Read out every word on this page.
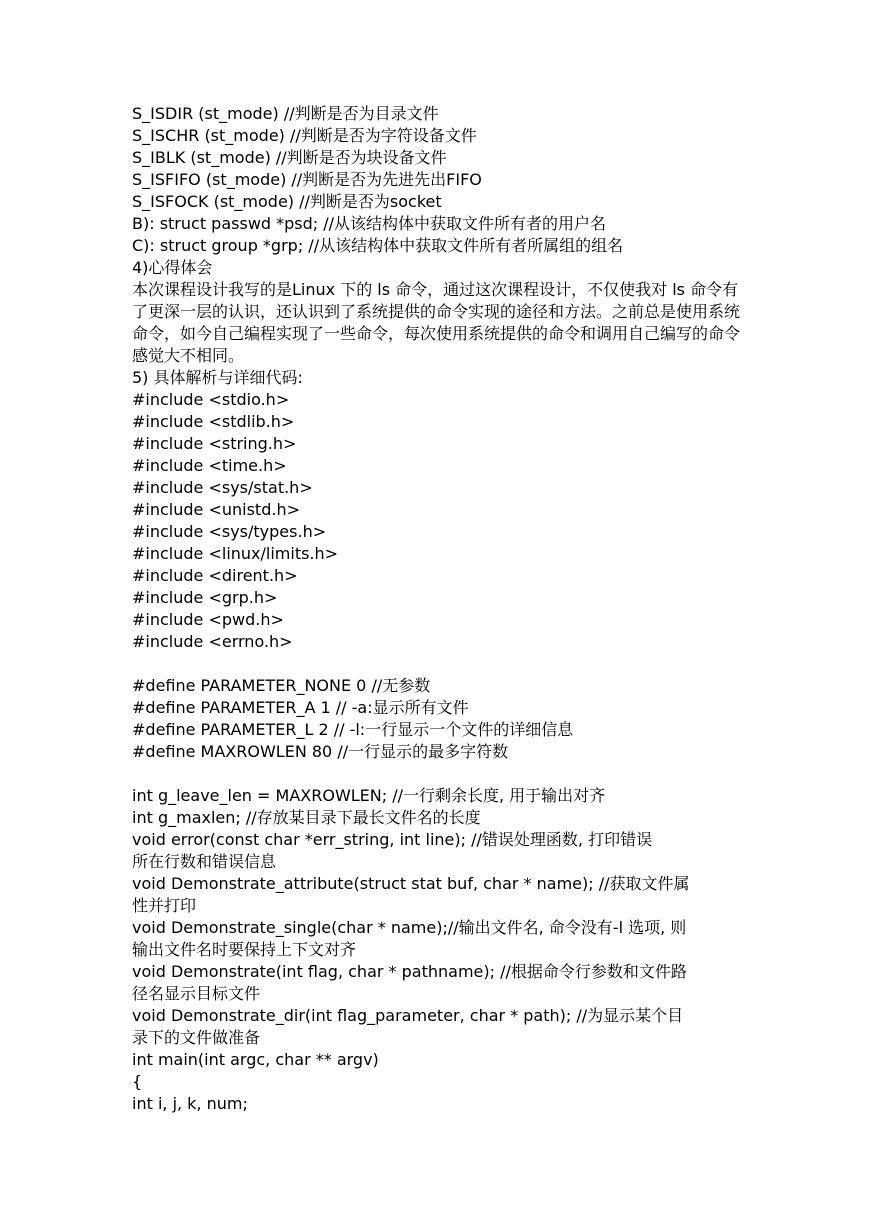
S_ISDIR (st_mode) //判断是否为目录文件
S_ISCHR (st_mode) //判断是否为字符设备文件
S_IBLK (st_mode) //判断是否为块设备文件
S_ISFIFO (st_mode) //判断是否为先进先出FIFO
S_ISFOCK (st_mode) //判断是否为socket
B): struct passwd *psd; //从该结构体中获取文件所有者的用户名
C): struct group *grp; //从该结构体中获取文件所有者所属组的组名
4)心得体会
本次课程设计我写的是Linux 下的 ls 命令，通过这次课程设计，不仅使我对 ls 命令有了更深一层的认识，还认识到了系统提供的命令实现的途径和方法。之前总是使用系统命令，如今自己编程实现了一些命令，每次使用系统提供的命令和调用自己编写的命令感觉大不相同。
5) 具体解析与详细代码:
#include <stdio.h>
#include <stdlib.h>
#include <string.h>
#include <time.h>
#include <sys/stat.h>
#include <unistd.h>
#include <sys/types.h>
#include <linux/limits.h>
#include <dirent.h>
#include <grp.h>
#include <pwd.h>
#include <errno.h>
#define PARAMETER_NONE 0 //无参数
#define PARAMETER_A 1 // -a:显示所有文件
#define PARAMETER_L 2 // -l:一行显示一个文件的详细信息
#define MAXROWLEN 80 //一行显示的最多字符数
int g_leave_len = MAXROWLEN; //一行剩余长度, 用于输出对齐
int g_maxlen; //存放某目录下最长文件名的长度
void error(const char *err_string, int line); //错误处理函数, 打印错误
所在行数和错误信息
void Demonstrate_attribute(struct stat buf, char * name); //获取文件属
性并打印
void Demonstrate_single(char * name);//输出文件名, 命令没有-l 选项, 则
输出文件名时要保持上下文对齐
void Demonstrate(int flag, char * pathname); //根据命令行参数和文件路
径名显示目标文件
void Demonstrate_dir(int flag_parameter, char * path); //为显示某个目
录下的文件做准备
int main(int argc, char ** argv)
{
int i, j, k, num;
